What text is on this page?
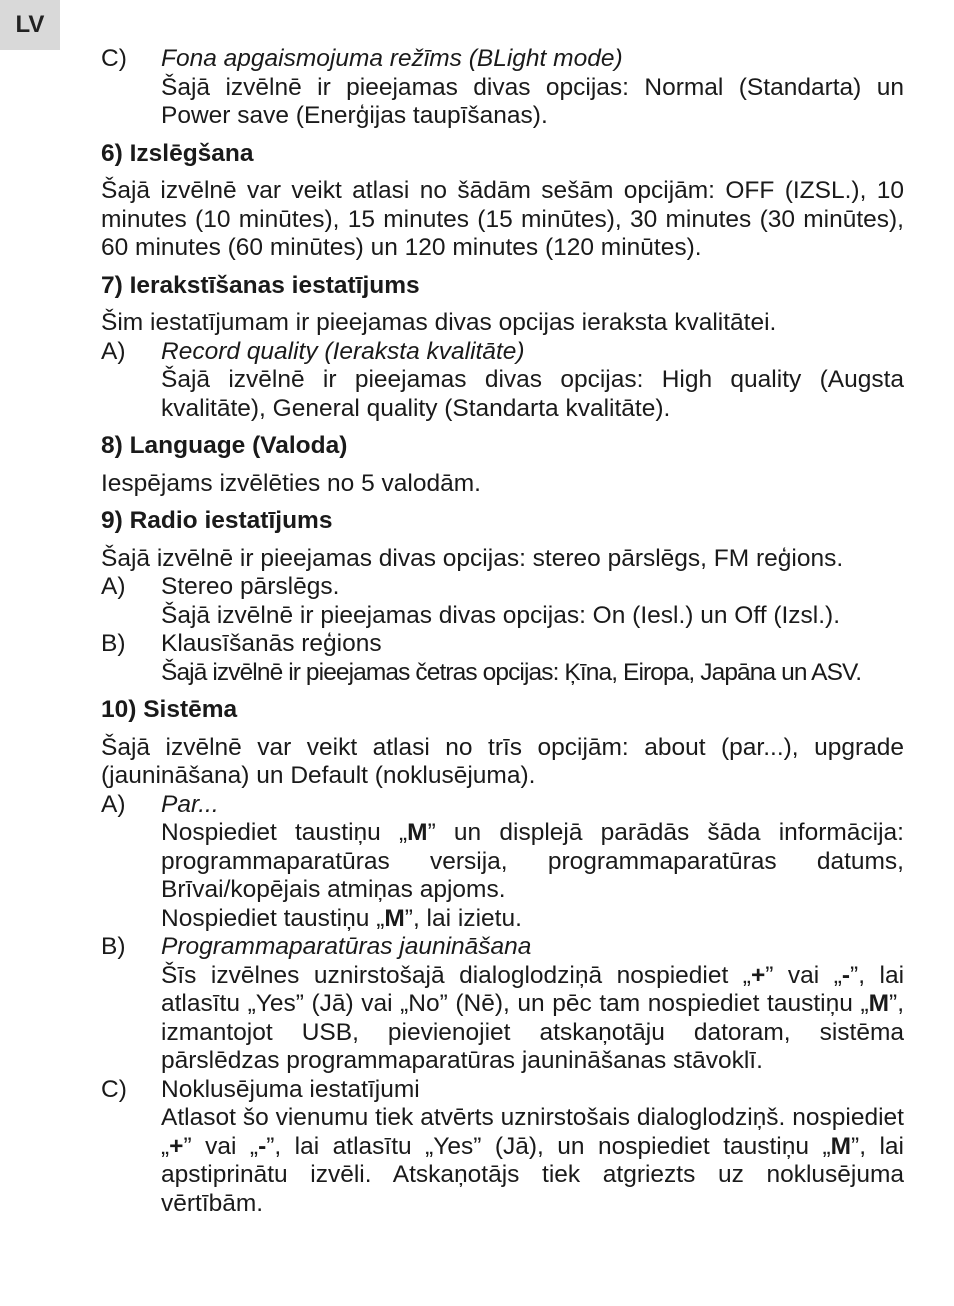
LV
C)	Fona apgaismojuma režīms (BLight mode)

Šajā izvēlnē ir pieejamas divas opcijas: Normal (Standarta) un Power save (Enerģijas taupīšanas).

6) Izslēgšana

Šajā izvēlnē var veikt atlasi no šādām sešām opcijām: OFF (IZSL.), 10 minutes (10 minūtes), 15 minutes (15 minūtes), 30 minutes (30 minūtes), 60 minutes (60 minūtes) un 120 minutes (120 minūtes).

7) Ierakstīšanas iestatījums

Šim iestatījumam ir pieejamas divas opcijas ieraksta kvalitātei.

A)	Record quality (Ieraksta kvalitāte)

Šajā izvēlnē ir pieejamas divas opcijas: High quality (Augsta kvalitāte), General quality (Standarta kvalitāte).

8) Language (Valoda)

Iespējams izvēlēties no 5 valodām.

9) Radio iestatījums

Šajā izvēlnē ir pieejamas divas opcijas: stereo pārslēgs, FM reģions.

A)	Stereo pārslēgs.

Šajā izvēlnē ir pieejamas divas opcijas: On (Iesl.) un Off (Izsl.).

B)	Klausīšanās reģions

Šajā izvēlnē ir pieejamas četras opcijas: Ķīna, Eiropa, Japāna un ASV.

10) Sistēma

Šajā izvēlnē var veikt atlasi no trīs opcijām: about (par...), upgrade (jaunināšana) un Default (noklusējuma).

A)	Par...

Nospiediet taustiņu „M” un displejā parādās šāda informācija: programmaparatūras versija, programmaparatūras datums, Brīvai/kopējais atmiņas apjoms.

Nospiediet taustiņu „M”, lai izietu.

B)	Programmaparatūras jaunināšana

Šīs izvēlnes uznirstošajā dialoglodziņā nospiediet „+” vai „-”, lai atlasītu „Yes” (Jā) vai „No” (Nē), un pēc tam nospiediet taustiņu „M”, izmantojot USB, pievienojiet atskaņotāju datoram, sistēma pārslēdzas programmaparatūras jaunināšanas stāvoklī.

C)	Noklusējuma iestatījumi

Atlasot šo vienumu tiek atvērts uznirstošais dialoglodziņš. nospiediet „+” vai „-”, lai atlasītu „Yes” (Jā), un nospiediet taustiņu „M”, lai apstiprinātu izvēli. Atskaņotājs tiek atgriezts uz noklusējuma vērtībām.
